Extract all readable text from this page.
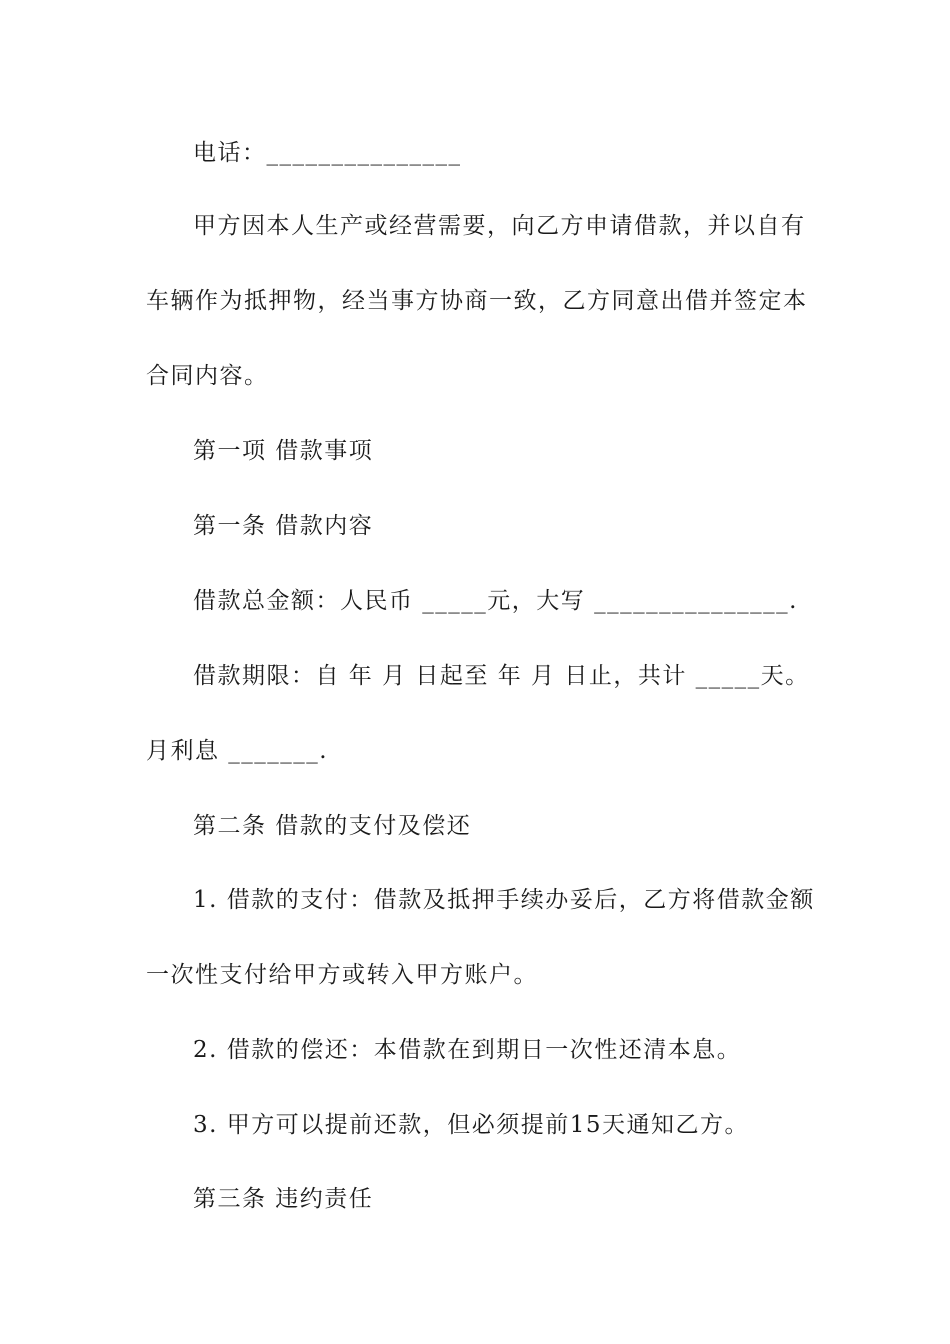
电话：_______________
甲方因本人生产或经营需要，向乙方申请借款，并以自有
车辆作为抵押物，经当事方协商一致，乙方同意出借并签定本
合同内容。
第一项 借款事项
第一条 借款内容
借款总金额：人民币 _____元，大写 _______________.
借款期限：自 年 月 日起至 年 月 日止，共计 _____天。
月利息 _______.
第二条 借款的支付及偿还
1. 借款的支付：借款及抵押手续办妥后，乙方将借款金额
一次性支付给甲方或转入甲方账户。
2. 借款的偿还：本借款在到期日一次性还清本息。
3. 甲方可以提前还款，但必须提前15天通知乙方。
第三条 违约责任
